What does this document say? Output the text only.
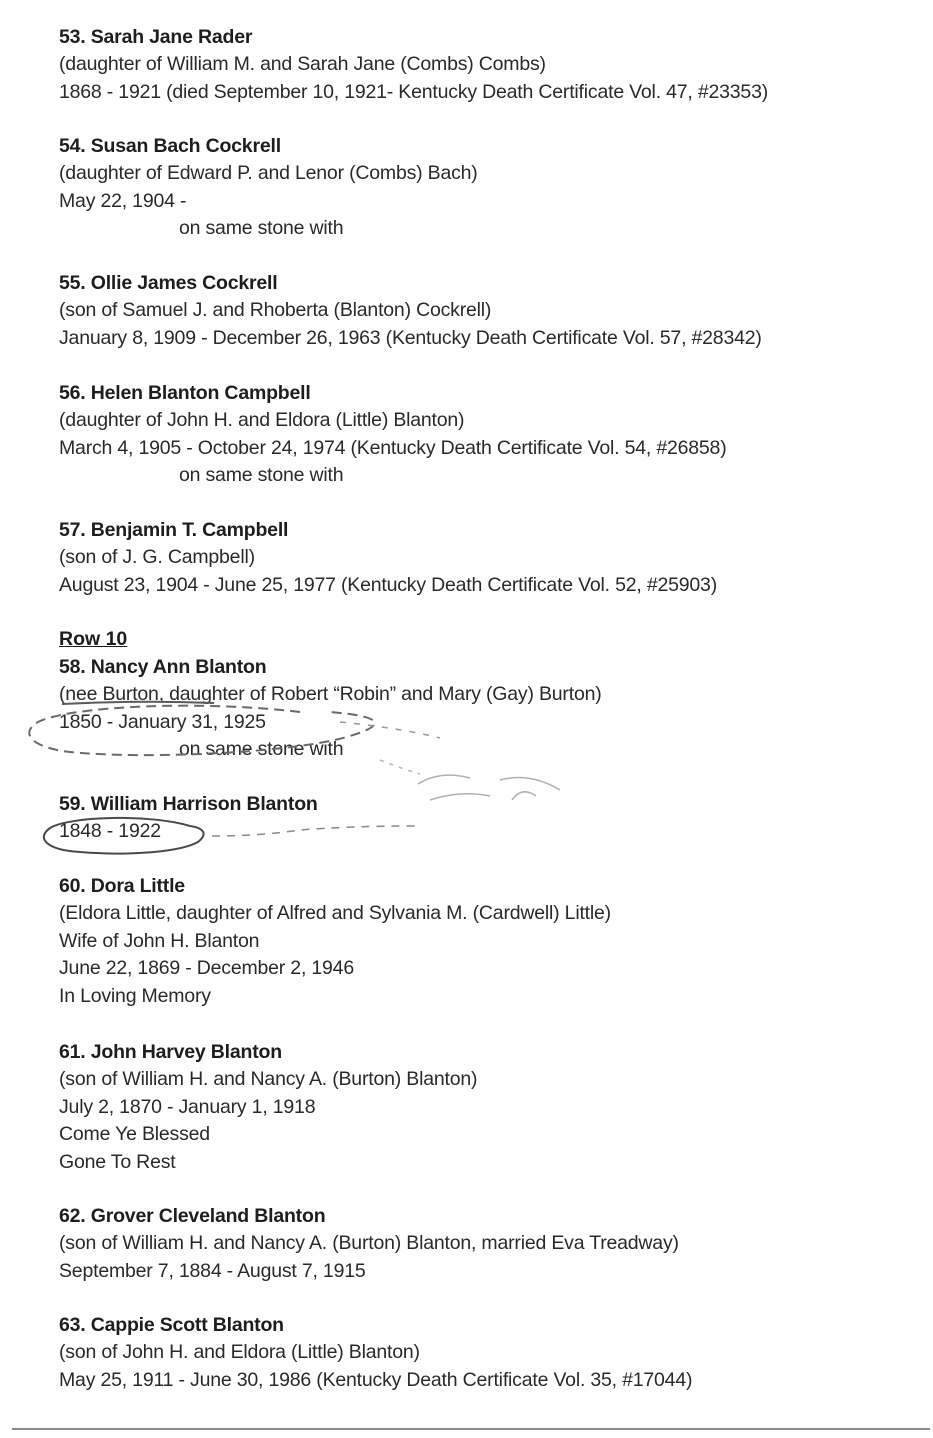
53. Sarah Jane Rader
(daughter of William M. and Sarah Jane (Combs) Combs)
1868 - 1921 (died September 10, 1921- Kentucky Death Certificate Vol. 47, #23353)
54. Susan Bach Cockrell
(daughter of Edward P. and Lenor (Combs) Bach)
May 22, 1904 -
on same stone with
55. Ollie James Cockrell
(son of Samuel J. and Rhoberta (Blanton) Cockrell)
January 8, 1909 - December 26, 1963 (Kentucky Death Certificate Vol. 57, #28342)
56. Helen Blanton Campbell
(daughter of John H. and Eldora (Little) Blanton)
March 4, 1905 - October 24, 1974 (Kentucky Death Certificate Vol. 54, #26858)
on same stone with
57. Benjamin T. Campbell
(son of J. G. Campbell)
August 23, 1904 - June 25, 1977 (Kentucky Death Certificate Vol. 52, #25903)
Row 10
58. Nancy Ann Blanton
(nee Burton, daughter of Robert “Robin” and Mary (Gay) Burton)
1850 - January 31, 1925
on same stone with
59. William Harrison Blanton
1848 - 1922
60. Dora Little
(Eldora Little, daughter of Alfred and Sylvania M. (Cardwell) Little)
Wife of John H. Blanton
June 22, 1869 - December 2, 1946
In Loving Memory
61. John Harvey Blanton
(son of William H. and Nancy A. (Burton) Blanton)
July 2, 1870 - January 1, 1918
Come Ye Blessed
Gone To Rest
62. Grover Cleveland Blanton
(son of William H. and Nancy A. (Burton) Blanton, married Eva Treadway)
September 7, 1884 - August 7, 1915
63. Cappie Scott Blanton
(son of John H. and Eldora (Little) Blanton)
May 25, 1911 - June 30, 1986 (Kentucky Death Certificate Vol. 35, #17044)
